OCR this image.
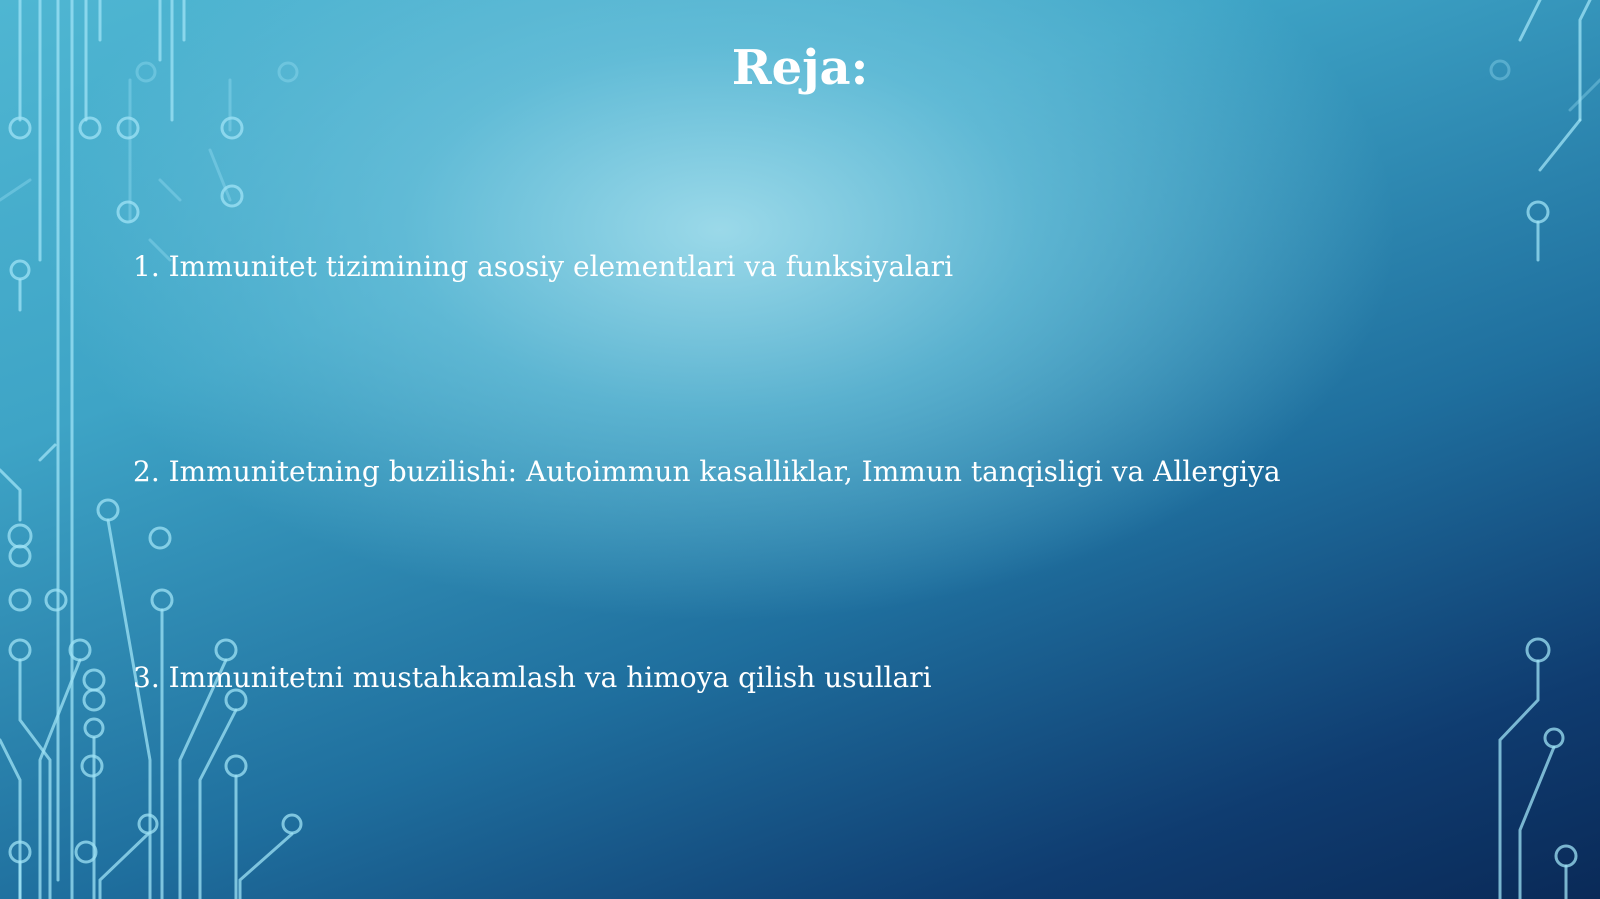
Reja:
1. Immunitet tizimining asosiy elementlari va funksiyalari
2. Immunitetning buzilishi: Autoimmun kasalliklar, Immun tanqisligi va Allergiya
3. Immunitetni mustahkamlash va himoya qilish usullari
